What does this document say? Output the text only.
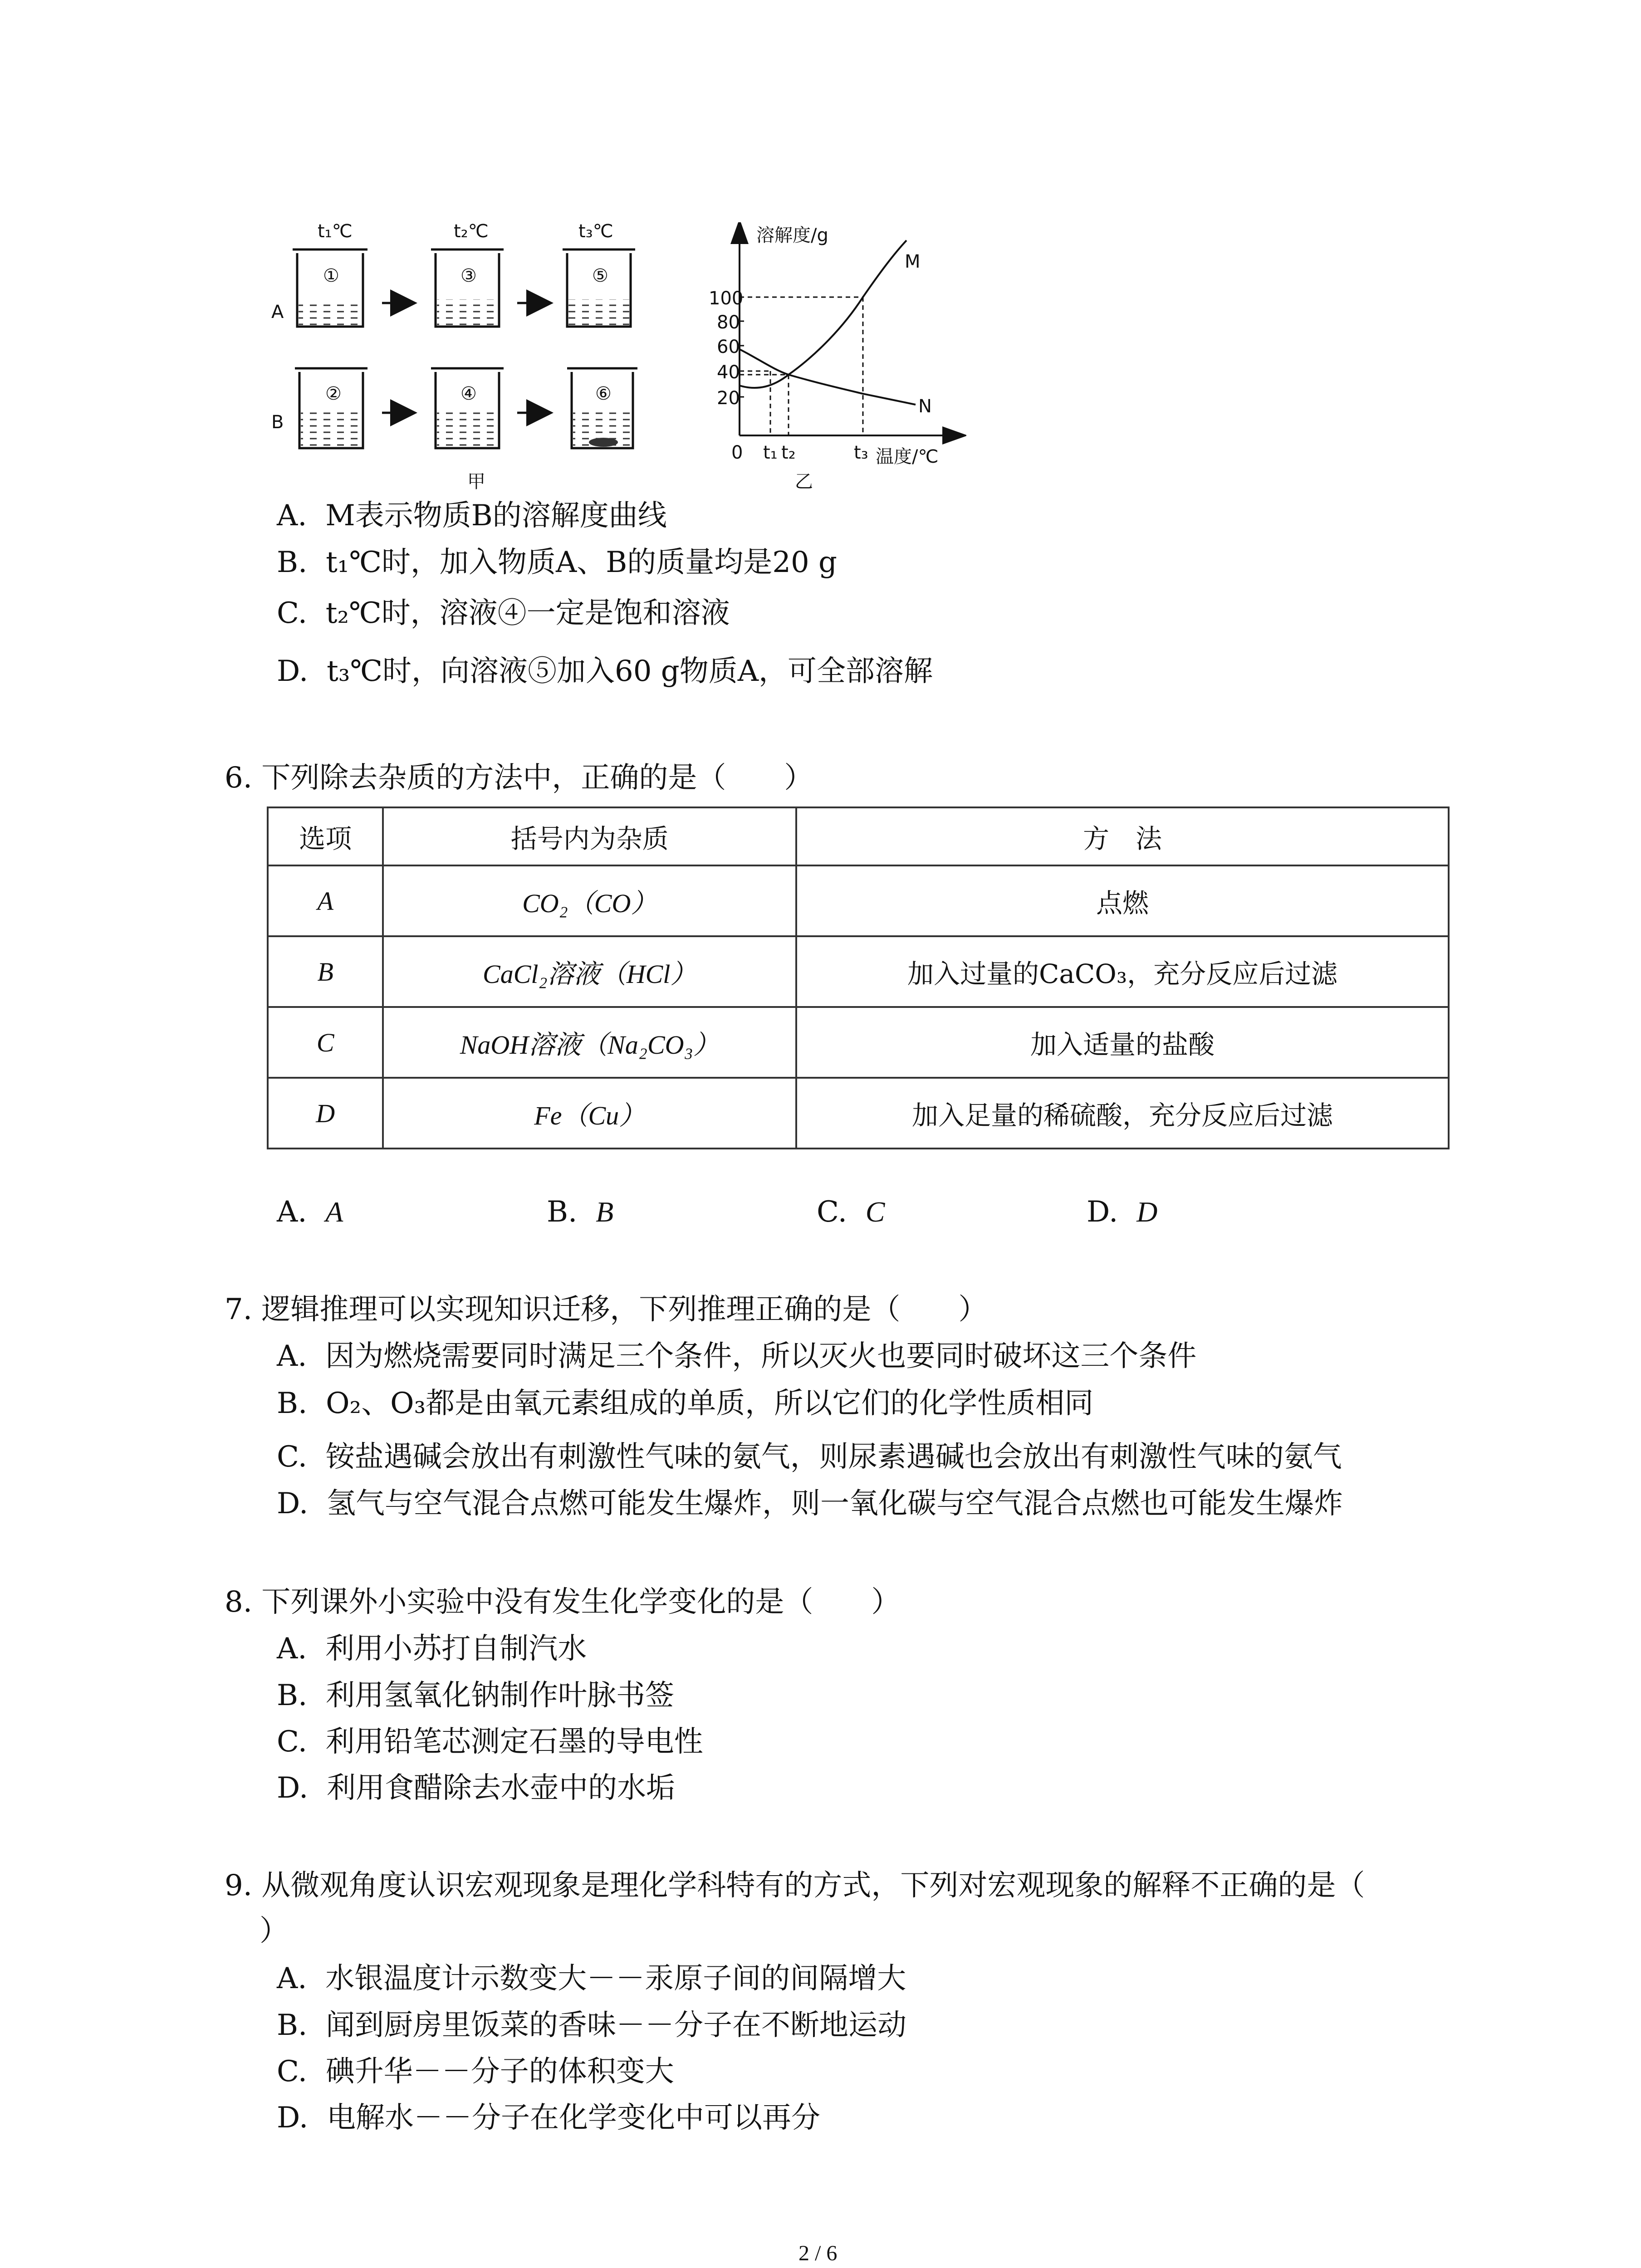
t₁℃	t₂℃	t₃℃
A
B
①	③	⑤
②	④	⑥
甲
溶解度/g
M
N
100
80
60
40
20
0 t₁ t₂	t₃ 温度/℃
乙
A. M表示物质B的溶解度曲线
B. t₁℃时，加入物质A、B的质量均是20 g
C. t₂℃时，溶液④一定是饱和溶液
D. t₃℃时，向溶液⑤加入60 g物质A，可全部溶解
6. 下列除去杂质的方法中，正确的是（　　）
选项	括号内为杂质	方　法
A	CO₂（CO）	点燃
B	CaCl₂溶液（HCl）	加入过量的CaCO₃，充分反应后过滤
C	NaOH溶液（Na₂CO₃）	加入适量的盐酸
D	Fe（Cu）	加入足量的稀硫酸，充分反应后过滤
A. A	B. B	C. C	D. D
7. 逻辑推理可以实现知识迁移，下列推理正确的是（　　）
A. 因为燃烧需要同时满足三个条件，所以灭火也要同时破坏这三个条件
B. O₂、O₃都是由氧元素组成的单质，所以它们的化学性质相同
C. 铵盐遇碱会放出有刺激性气味的氨气，则尿素遇碱也会放出有刺激性气味的氨气
D. 氢气与空气混合点燃可能发生爆炸，则一氧化碳与空气混合点燃也可能发生爆炸
8. 下列课外小实验中没有发生化学变化的是（　　）
A. 利用小苏打自制汽水
B. 利用氢氧化钠制作叶脉书签
C. 利用铅笔芯测定石墨的导电性
D. 利用食醋除去水壶中的水垢
9. 从微观角度认识宏观现象是理化学科特有的方式，下列对宏观现象的解释不正确的是（
）
A. 水银温度计示数变大－－汞原子间的间隔增大
B. 闻到厨房里饭菜的香味－－分子在不断地运动
C. 碘升华－－分子的体积变大
D. 电解水－－分子在化学变化中可以再分
2 / 6
